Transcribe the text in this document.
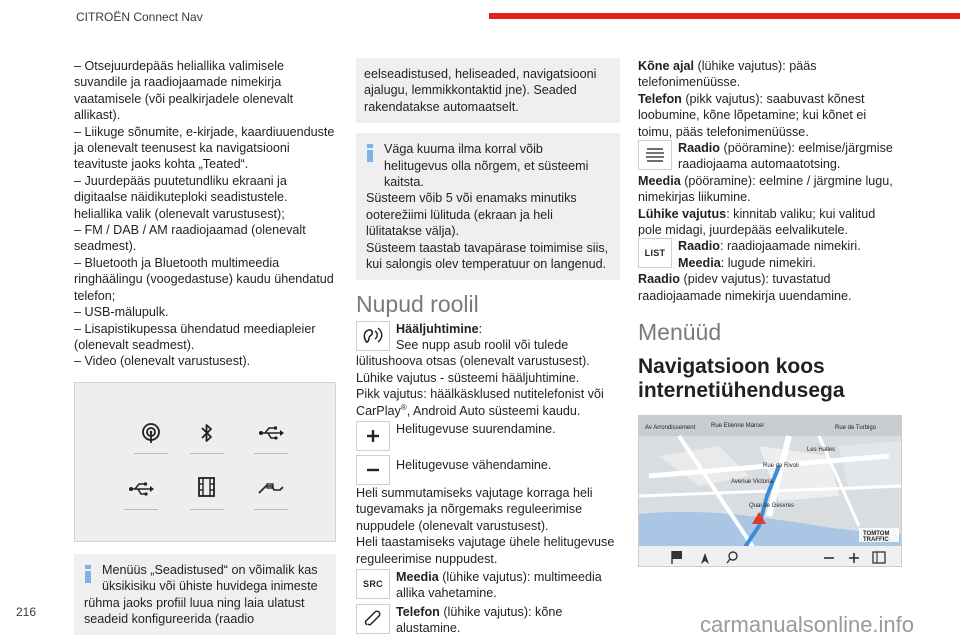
CITROËN Connect Nav
– Otsejuurdepääs heliallika valimisele suvandile ja raadiojaamade nimekirja vaatamisele (või pealkirjadele olenevalt allikast).
– Liikuge sõnumite, e-kirjade, kaardiuuenduste ja olenevalt teenusest ka navigatsiooni teavituste jaoks kohta „Teated“.
– Juurdepääs puutetundliku ekraani ja digitaalse näidikuteploki seadistustele.
heliallika valik (olenevalt varustusest);
– FM / DAB / AM raadiojaamad (olenevalt seadmest).
– Bluetooth ja Bluetooth multimeedia ringhäälingu (voogedastuse) kaudu ühendatud telefon;
– USB-mälupulk.
– Lisapistikupessa ühendatud meediapleier (olenevalt seadmest).
– Video (olenevalt varustusest).
Menüüs „Seadistused“ on võimalik kas üksikisiku või ühiste huvidega inimeste
rühma jaoks profiil luua ning laia ulatust seadeid konfigureerida (raadio
eelseadistused, heliseaded, navigatsiooni ajalugu, lemmikkontaktid jne). Seaded rakendatakse automaatselt.
Väga kuuma ilma korral võib helitugevus olla nõrgem, et süsteemi kaitsta.
Süsteem võib 5 või enamaks minutiks ooterežiimi lülituda (ekraan ja heli lülitatakse välja).
Süsteem taastab tavapärase toimimise siis, kui salongis olev temperatuur on langenud.
Nupud roolil
Hääljuhtimine:
See nupp asub roolil või tulede lülitushoova otsas (olenevalt varustusest).
Lühike vajutus - süsteemi hääljuhtimine.
Pikk vajutus: häälkäsklused nutitelefonist või CarPlay®, Android Auto süsteemi kaudu.
Helitugevuse suurendamine.
Helitugevuse vähendamine.
Heli summutamiseks vajutage korraga heli tugevamaks ja nõrgemaks reguleerimise nuppudele (olenevalt varustusest).
Heli taastamiseks vajutage ühele helitugevuse reguleerimise nuppudest.
SRC Meedia (lühike vajutus): multimeedia allika vahetamine.
Telefon (lühike vajutus): kõne alustamine.
Kõne ajal (lühike vajutus): pääs telefonimenüüsse.
Telefon (pikk vajutus): saabuvast kõnest loobumine, kõne lõpetamine; kui kõnet ei toimu, pääs telefonimenüüsse.
Raadio (pööramine): eelmise/järgmise raadiojaama automaatotsing.
Meedia (pööramine): eelmine / järgmine lugu, nimekirjas liikumine.
Lühike vajutus: kinnitab valiku; kui valitud pole midagi, juurdepääs eelvalikutele.
LIST Raadio: raadiojaamade nimekiri.
Meedia: lugude nimekiri.
Raadio (pidev vajutus): tuvastatud raadiojaamade nimekirja uuendamine.
Menüüd
Navigatsioon koos internetiühendusega
Av Arrondissement	Rue Etienne Marcel	Rue de Turbigo
Les Halles
Rue de Rivoli
Avenue Victoria
Quai de Gesvres
TOMTOM TRAFFIC
216	carmanualsonline.info
